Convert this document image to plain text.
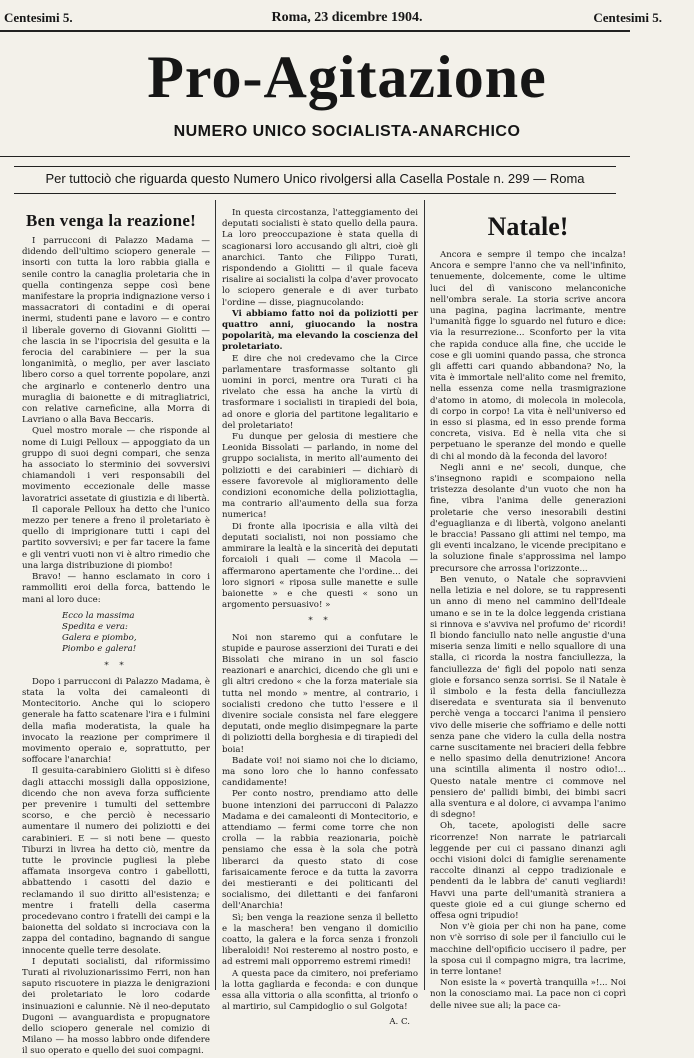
Centesimi 5.	Roma, 23 dicembre 1904.	Centesimi 5.
Pro-Agitazione
NUMERO UNICO SOCIALISTA-ANARCHICO
Per tuttociò che riguarda questo Numero Unico rivolgersi alla Casella Postale n. 299 — Roma
Ben venga la reazione!

I parrucconi di Palazzo Madama — didendo dell'ultimo sciopero generale — insorti con tutta la loro rabbia gialla e senile contro la canaglia proletaria che in quella contingenza seppe così bene manifestare la propria indignazione verso i massacratori di contadini e di operai inermi, studenti pane e lavoro — e contro il liberale governo di Giovanni Giolitti — che lascia in se l'ipocrisia del gesuita e la ferocia del carabiniere — per la sua longanimità, o meglio, per aver lasciato libero corso a quel torrente popolare, anzi che arginarlo e contenerlo dentro una muraglia di baionette e di mitragliatrici, con relative carneficine, alla Morra di Lavriano o alla Bava Beccaris.

Quel mostro morale — che risponde al nome di Luigi Pelloux — appoggiato da un gruppo di suoi degni compari, che senza ha associato lo sterminio dei sovversivi chiamandoli i veri responsabili del movimento eccezionale delle masse lavoratrici assetate di giustizia e di libertà.

Il caporale Pelloux ha detto che l'unico mezzo per tenere a freno il proletariato è quello di imprigionare tutti i capi del partito sovversivi; e per far tacere la fame e gli ventri vuoti non vi è altro rimedio che una larga distribuzione di piombo!

Bravo! — hanno esclamato in coro i rammolliti eroi della forca, battendo le mani al loro duce:

Ecco la massima
Spedita e vera:
Galera e piombo,
Piombo e galera!
* *

Dopo i parrucconi di Palazzo Madama, è stata la volta dei camaleonti di Montecitorio. Anche qui lo sciopero generale ha fatto scatenare l'ira e i fulmini della mafia moderatista, la quale ha invocato la reazione per comprimere il movimento operaio e, soprattutto, per soffocare l'anarchia!

Il gesuita-carabiniero Giolitti si è difeso dagli attacchi mossigli dalla opposizione, dicendo che non aveva forza sufficiente per prevenire i tumulti del settembre scorso, e che perciò è necessario aumentare il numero dei poliziotti e dei carabinieri. E — si noti bene — questo Tiburzi in livrea ha detto ciò, mentre da tutte le provincie pugliesi la plebe affamata insorgeva contro i gabellotti, abbattendo i casotti del dazio e reclamando il suo diritto all'esistenza; e mentre i fratelli della caserma procedevano contro i fratelli dei campi e la baionetta del soldato si incrociava con la zappa del contadino, bagnando di sangue innocente quelle terre desolate.

I deputati socialisti, dal riformissimo Turati al rivoluzionarissimo Ferri, non han saputo riscuotere in piazza le denigrazioni dei proletariato le loro codarde insinuazioni e calunnie. Nè il neo-deputato Dugoni — avanguardista e propugnatore dello sciopero generale nel comizio di Milano — ha mosso labbro onde difendere il suo operato e quello dei suoi compagni.

In questa circostanza, l'atteggiamento dei deputati socialisti è stato quello della paura. La loro preoccupazione è stata quella di scagionarsi loro accusando gli altri, cioè gli anarchici. Tanto che Filippo Turati, rispondendo a Giolitti — il quale faceva risalire ai socialisti la colpa d'aver provocato lo sciopero generale e di aver turbato l'ordine — disse, piagnucolando:

Vi abbiamo fatto noi da poliziotti per quattro anni, giuocando la nostra popolarità, ma elevando la coscienza del proletariato.

E dire che noi credevamo che la Circe parlamentare trasformasse soltanto gli uomini in porci, mentre ora Turati ci ha rivelato che essa ha anche la virtù di trasformare i socialisti in tirapiedi del boia, ad onore e gloria del partitone legalitario e del proletariato!

Fu dunque per gelosia di mestiere che Leonida Bissolati — parlando, in nome del gruppo socialista, in merito all'aumento dei poliziotti e dei carabinieri — dichiarò di essere favorevole al miglioramento delle condizioni economiche della poliziottaglia, ma contrario all'aumento della sua forza numerica!

Di fronte alla ipocrisia e alla viltà dei deputati socialisti, noi non possiamo che ammirare la lealtà e la sincerità dei deputati forcaioli i quali — come il Macola — affermarono apertamente che l'ordine... dei loro signori « riposa sulle manette e sulle baionette » e che questi « sono un argomento persuasivo! »

* *

Noi non staremo qui a confutare le stupide e paurose asserzioni dei Turati e dei Bissolati che mirano in un sol fascio reazionari e anarchici, dicendo che gli uni e gli altri credono « che la forza materiale sia tutta nel mondo » mentre, al contrario, i socialisti credono che tutto l'essere e il divenire sociale consista nel fare eleggere deputati, onde meglio disimpegnare la parte di poliziotti della borghesia e di tirapiedi del boia!

Badate voi! noi siamo noi che lo diciamo, ma sono loro che lo hanno confessato candidamente!

Per conto nostro, prendiamo atto delle buone intenzioni dei parrucconi di Palazzo Madama e dei camaleonti di Montecitorio, e attendiamo — fermi come torre che non crolla — la rabbia reazionaria, poichè pensiamo che essa è la sola che potrà liberarci da questo stato di cose farisaicamente feroce e da tutta la zavorra dei mestieranti e dei politicanti del socialismo, dei dilettanti e dei fanfaroni dell'Anarchia!

Sì; ben venga la reazione senza il belletto e la maschera! ben vengano il domicilio coatto, la galera e la forca senza i fronzoli liberaloidi! Noi resteremo al nostro posto, e ad estremi mali opporremo estremi rimedi!

A questa pace da cimitero, noi preferiamo la lotta gagliarda e feconda: e con dunque essa alla vittoria o alla sconfitta, al trionfo o al martirio, sul Campidoglio o sul Golgota!

A. C.
Natale!

Ancora e sempre il tempo che incalza! Ancora e sempre l'anno che va nell'infinito, tenuemente, dolcemente, come le ultime luci del dì vaniscono melanconiche nell'ombra serale. La storia scrive ancora una pagina, pagina lacrimante, mentre l'umanità figge lo sguardo nel futuro e dice: via la resurrezione... Sconforto per la vita che rapida conduce alla fine, che uccide le cose e gli uomini quando passa, che stronca gli affetti cari quando abbandona? No, la vita è immortale nell'alito come nel fremito, nella essenza come nella trasmigrazione d'atomo in atomo, di molecola in molecola, di corpo in corpo! La vita è nell'universo ed in esso si plasma, ed in esso prende forma concreta, visiva. Ed è nella vita che si perpetuano le speranze del mondo e quelle di chi al mondo dà la feconda del lavoro!

Negli anni e ne' secoli, dunque, che s'insegnono rapidi e scompaiono nella tristezza desolante d'un vuoto che non ha fine, vibra l'anima delle generazioni proletarie che verso inesorabili destini d'eguaglianza e di libertà, volgono anelanti le braccia! Passano gli attimi nel tempo, ma gli eventi incalzano, le vicende precipitano e la soluzione finale s'approssima nel lampo precursore che arrossa l'orizzonte...

Ben venuto, o Natale che sopravvieni nella letizia e nel dolore, se tu rappresenti un anno di meno nel cammino dell'Ideale umano e se in te la dolce leggenda cristiana si rinnova e s'avviva nel profumo de' ricordi! Il biondo fanciullo nato nelle angustie d'una miseria senza limiti e nello squallore di una stalla, ci ricorda la nostra fanciullezza, la fanciullezza de' figli del popolo nati senza gioie e forsanco senza sorrisi. Se il Natale è il simbolo e la festa della fanciullezza diseredata e sventurata sia il benvenuto perchè venga a toccarci l'anima il pensiero vivo delle miserie che soffriamo e delle notti senza pane che videro la culla della nostra carne suscitamente nei bracieri della febbre e nello spasimo della denutrizione! Ancora una scintilla alimenta il nostro odio!... Questo natale mentre ci commove nel pensiero de' pallidi bimbi, dei bimbi sacri alla sventura e al dolore, ci avvampa l'animo di sdegno!

Oh, tacete, apologisti delle sacre ricorrenze! Non narrate le patriarcali leggende per cui ci passano dinanzi agli occhi visioni dolci di famiglie serenamente raccolte dinanzi al ceppo tradizionale e pendenti da le labbra de' canuti vegliardi! Havvi una parte dell'umanità straniera a queste gioie ed a cui giunge scherno ed offesa ogni tripudio!

Non v'è gioia per chi non ha pane, come non v'è sorriso di sole per il fanciullo cui le macchine dell'opificio uccisero il padre, per la sposa cui il compagno migra, tra lacrime, in terre lontane!

Non esiste la « povertà tranquilla »!... Noi non la conosciamo mai. La pace non ci coprì delle nivee sue ali; la pace ca-
